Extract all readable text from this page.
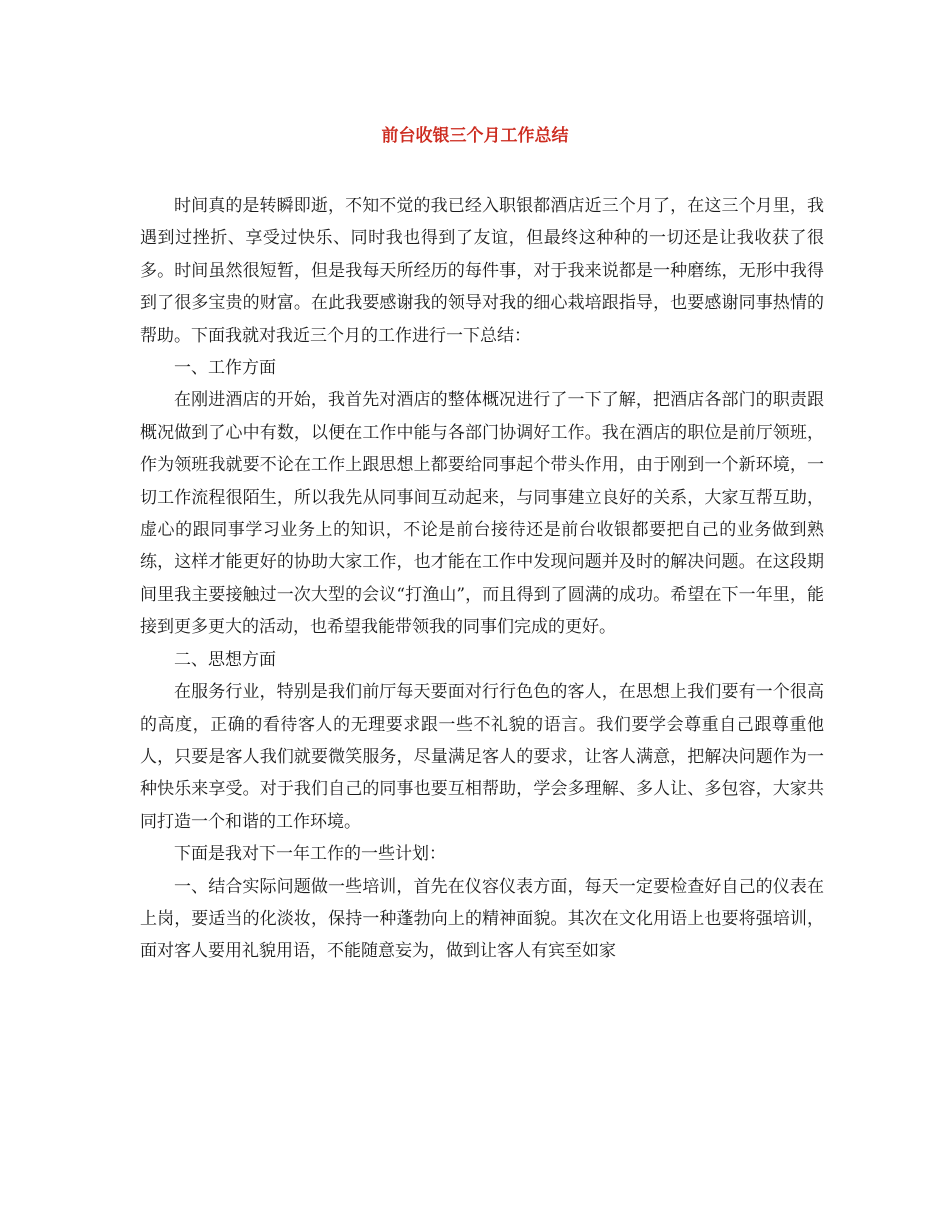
前台收银三个月工作总结

时间真的是转瞬即逝，不知不觉的我已经入职银都酒店近三个月了，在这三个月里，我遇到过挫折、享受过快乐、同时我也得到了友谊，但最终这种种的一切还是让我收获了很多。时间虽然很短暂，但是我每天所经历的每件事，对于我来说都是一种磨练，无形中我得到了很多宝贵的财富。在此我要感谢我的领导对我的细心栽培跟指导，也要感谢同事热情的帮助。下面我就对我近三个月的工作进行一下总结：

一、工作方面

在刚进酒店的开始，我首先对酒店的整体概况进行了一下了解，把酒店各部门的职责跟概况做到了心中有数，以便在工作中能与各部门协调好工作。我在酒店的职位是前厅领班，作为领班我就要不论在工作上跟思想上都要给同事起个带头作用，由于刚到一个新环境，一切工作流程很陌生，所以我先从同事间互动起来，与同事建立良好的关系，大家互帮互助，虚心的跟同事学习业务上的知识，不论是前台接待还是前台收银都要把自己的业务做到熟练，这样才能更好的协助大家工作，也才能在工作中发现问题并及时的解决问题。在这段期间里我主要接触过一次大型的会议“打渔山”，而且得到了圆满的成功。希望在下一年里，能接到更多更大的活动，也希望我能带领我的同事们完成的更好。

二、思想方面

在服务行业，特别是我们前厅每天要面对行行色色的客人，在思想上我们要有一个很高的高度，正确的看待客人的无理要求跟一些不礼貌的语言。我们要学会尊重自己跟尊重他人，只要是客人我们就要微笑服务，尽量满足客人的要求，让客人满意，把解决问题作为一种快乐来享受。对于我们自己的同事也要互相帮助，学会多理解、多人让、多包容，大家共同打造一个和谐的工作环境。

下面是我对下一年工作的一些计划：

一、结合实际问题做一些培训，首先在仪容仪表方面，每天一定要检查好自己的仪表在上岗，要适当的化淡妆，保持一种蓬勃向上的精神面貌。其次在文化用语上也要将强培训，面对客人要用礼貌用语，不能随意妄为，做到让客人有宾至如家
